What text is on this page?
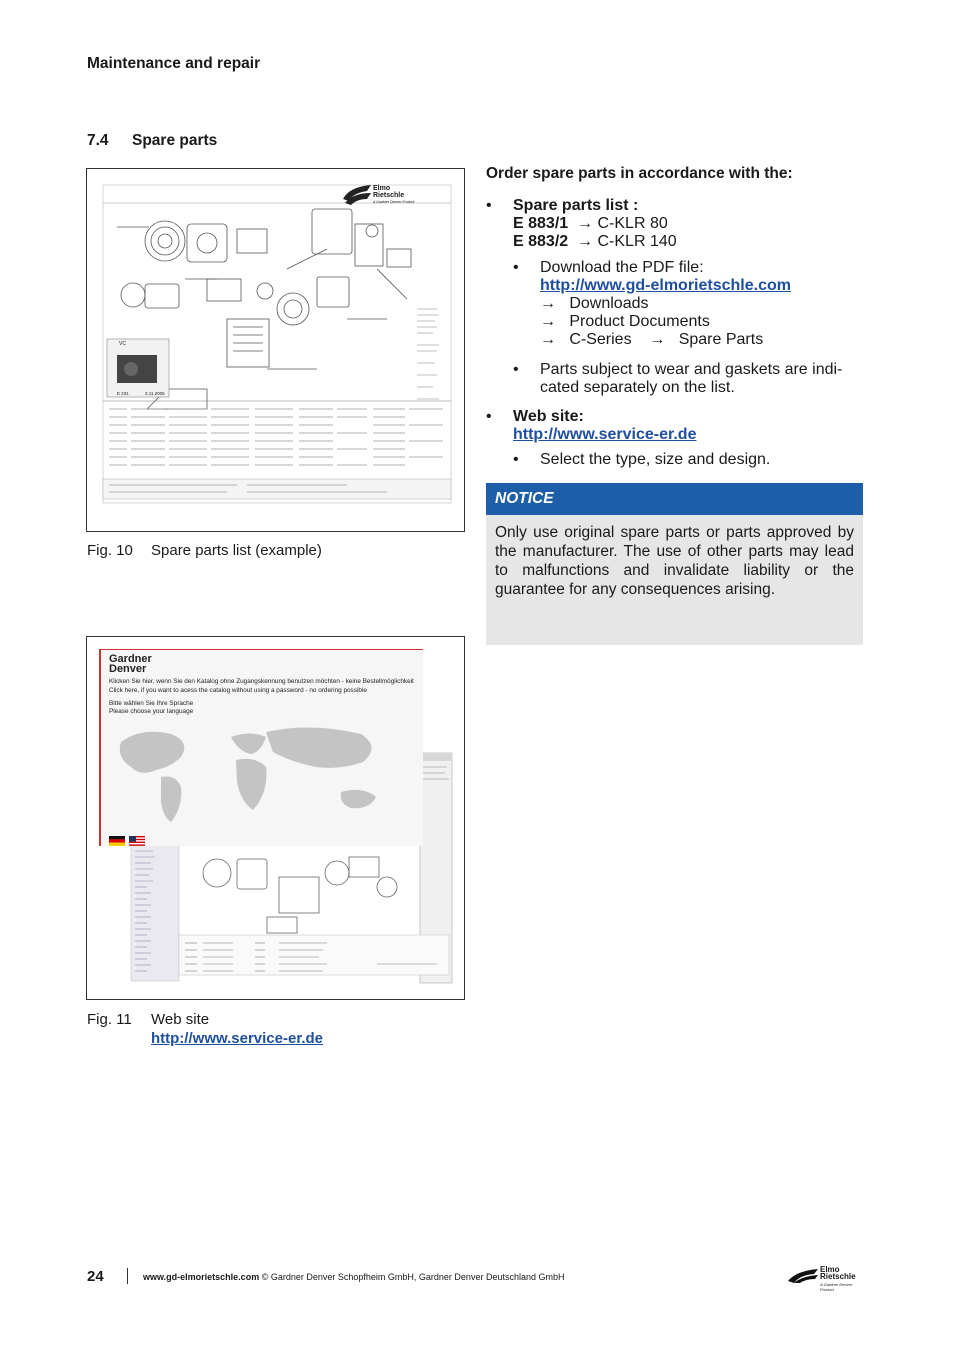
Maintenance and repair
7.4 Spare parts
Elmo
Rietschle
A Gardner Denver Product
VC
E 231	3.11.2006
Fig. 10 Spare parts list (example)
Gardner
Denver
Klicken Sie hier, wenn Sie den Katalog ohne Zugangskennung benutzen möchten - keine Bestellmöglichkeit
Click here, if you want to acess the catalog without using a password - no ordering possible
Bitte wählen Sie Ihre Sprache
Please choose your language
Fig. 11 Web site
http://www.service-er.de
Order spare parts in accordance with the:
• Spare parts list :
E 883/1 → C-KLR 80
E 883/2 → C-KLR 140
• Download the PDF file:
http://www.gd-elmorietschle.com
→ Downloads
→ Product Documents
→ C-Series → Spare Parts
• Parts subject to wear and gaskets are indi-cated separately on the list.
• Web site:
http://www.service-er.de
• Select the type, size and design.
NOTICE
Only use original spare parts or parts approved by the manufacturer. The use of other parts may lead to malfunctions and invalidate liability or the guarantee for any consequences arising.
24	www.gd-elmorietschle.com © Gardner Denver Schopfheim GmbH, Gardner Denver Deutschland GmbH
Elmo
Rietschle
A Gardner Denver Product
